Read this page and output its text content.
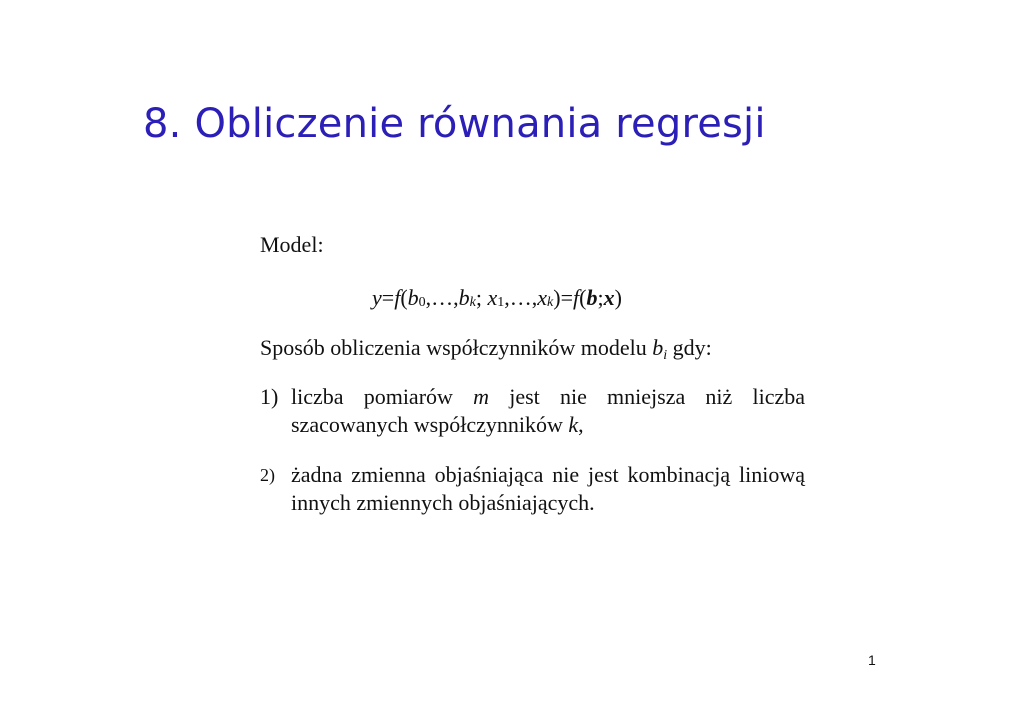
8. Obliczenie równania regresji
Model:
$y=f(b_0,\dots,b_k$; $x_1,\dots,x_k)=f(b;x)$
Sposób obliczenia współczynników modelu $b_i$ gdy:
1) liczba pomiarów m jest nie mniejsza niż liczba szacowanych współczynników k,
2) żadna zmienna objaśniająca nie jest kombinacją liniową innych zmiennych objaśniających.
1
